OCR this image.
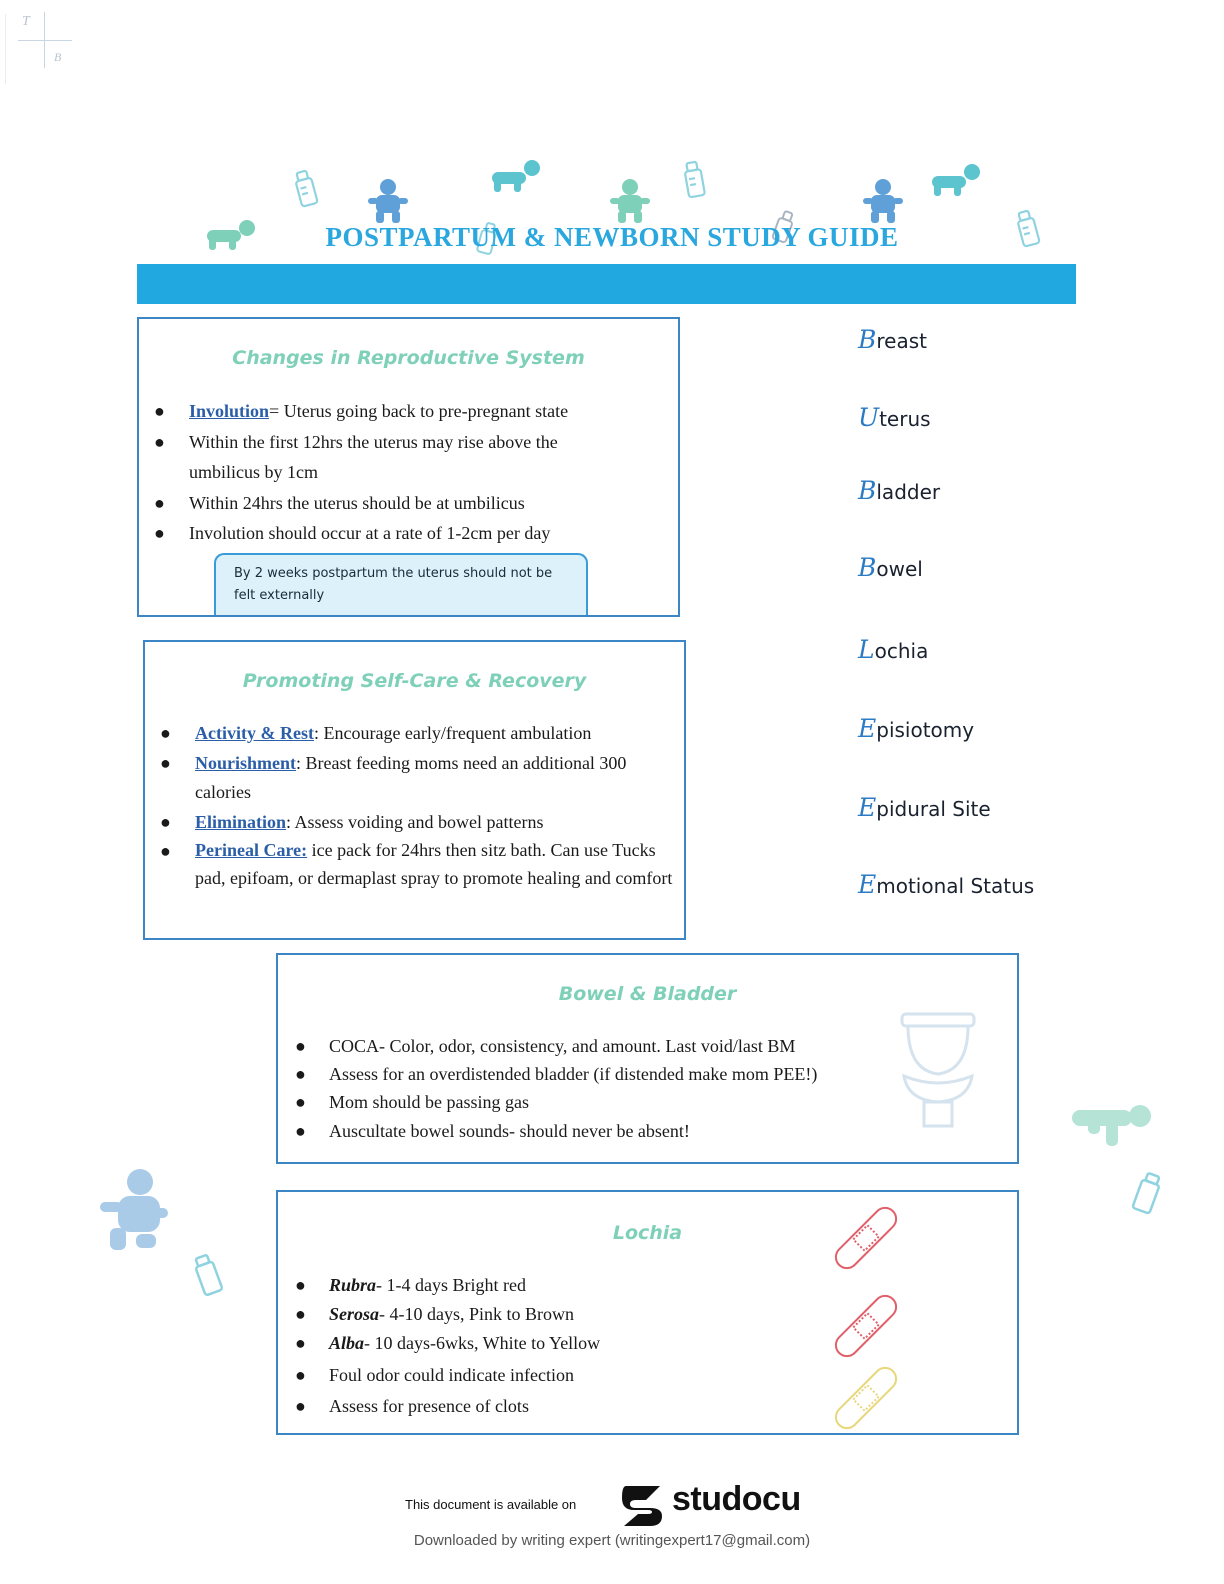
T
B
POSTPARTUM & NEWBORN STUDY GUIDE
Changes in Reproductive System
● Involution= Uterus going back to pre-pregnant state
● Within the first 12hrs the uterus may rise above the umbilicus by 1cm
● Within 24hrs the uterus should be at umbilicus
● Involution should occur at a rate of 1-2cm per day
By 2 weeks postpartum the uterus should not be felt externally
Promoting Self-Care & Recovery
● Activity & Rest: Encourage early/frequent ambulation
● Nourishment: Breast feeding moms need an additional 300 calories
● Elimination: Assess voiding and bowel patterns
● Perineal Care: ice pack for 24hrs then sitz bath. Can use Tucks pad, epifoam, or dermaplast spray to promote healing and comfort
Breast
Uterus
Bladder
Bowel
Lochia
Episiotomy
Epidural Site
Emotional Status
Bowel & Bladder
● COCA- Color, odor, consistency, and amount. Last void/last BM
● Assess for an overdistended bladder (if distended make mom PEE!)
● Mom should be passing gas
● Auscultate bowel sounds- should never be absent!
Lochia
● Rubra- 1-4 days Bright red
● Serosa- 4-10 days, Pink to Brown
● Alba- 10 days-6wks, White to Yellow
● Foul odor could indicate infection
● Assess for presence of clots
This document is available on	studocu
Downloaded by writing expert (writingexpert17@gmail.com)
